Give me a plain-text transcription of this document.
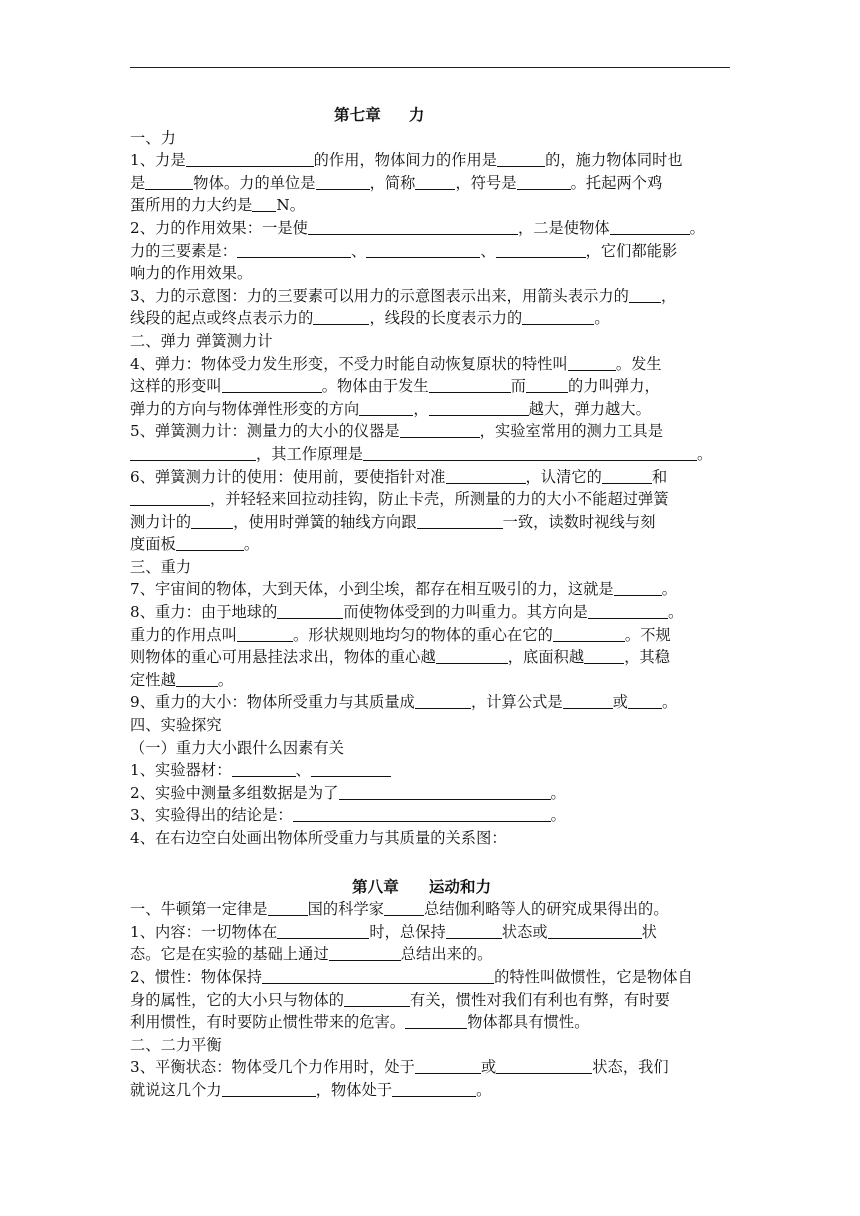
第七章 力
一、力
1、力是	的作用，物体间力的作用是	的，施力物体同时也
是	物体。力的单位是	，简称	，符号是	。托起两个鸡
蛋所用的力大约是 N。
2、力的作用效果：一是使	，二是使物体	。
力的三要素是：	、	、	，它们都能影
响力的作用效果。
3、力的示意图：力的三要素可以用力的示意图表示出来，用箭头表示力的 ，
线段的起点或终点表示力的	，线段的长度表示力的	。
二、弹力 弹簧测力计
4、弹力：物体受力发生形变，不受力时能自动恢复原状的特性叫	。发生
这样的形变叫	。物体由于发生	而	的力叫弹力，
弹力的方向与物体弹性形变的方向	，	越大，弹力越大。
5、弹簧测力计：测量力的大小的仪器是	，实验室常用的测力工具是
，其工作原理是	。
6、弹簧测力计的使用：使用前，要使指针对准	，认清它的	和
，并轻轻来回拉动挂钩，防止卡壳，所测量的力的大小不能超过弹簧
测力计的	，使用时弹簧的轴线方向跟	一致，读数时视线与刻
度面板	。
三、重力
7、宇宙间的物体，大到天体，小到尘埃，都存在相互吸引的力，这就是	。
8、重力：由于地球的	而使物体受到的力叫重力。其方向是	。
重力的作用点叫	。形状规则地均匀的物体的重心在它的	。不规
则物体的重心可用悬挂法求出，物体的重心越	，底面积越	，其稳
定性越	。
9、重力的大小：物体所受重力与其质量成	，计算公式是	或 。
四、实验探究
（一）重力大小跟什么因素有关
1、实验器材：	、
2、实验中测量多组数据是为了	。
3、实验得出的结论是：	。
4、在右边空白处画出物体所受重力与其质量的关系图：
第八章 运动和力
一、牛顿第一定律是	国的科学家	总结伽利略等人的研究成果得出的。
1、内容：一切物体在	时，总保持	状态或	状
态。它是在实验的基础上通过	总结出来的。
2、惯性：物体保持	的特性叫做惯性，它是物体自
身的属性，它的大小只与物体的	有关，惯性对我们有利也有弊，有时要
利用惯性，有时要防止惯性带来的危害。	物体都具有惯性。
二、二力平衡
3、平衡状态：物体受几个力作用时，处于	或	状态，我们
就说这几个力	，物体处于	。
